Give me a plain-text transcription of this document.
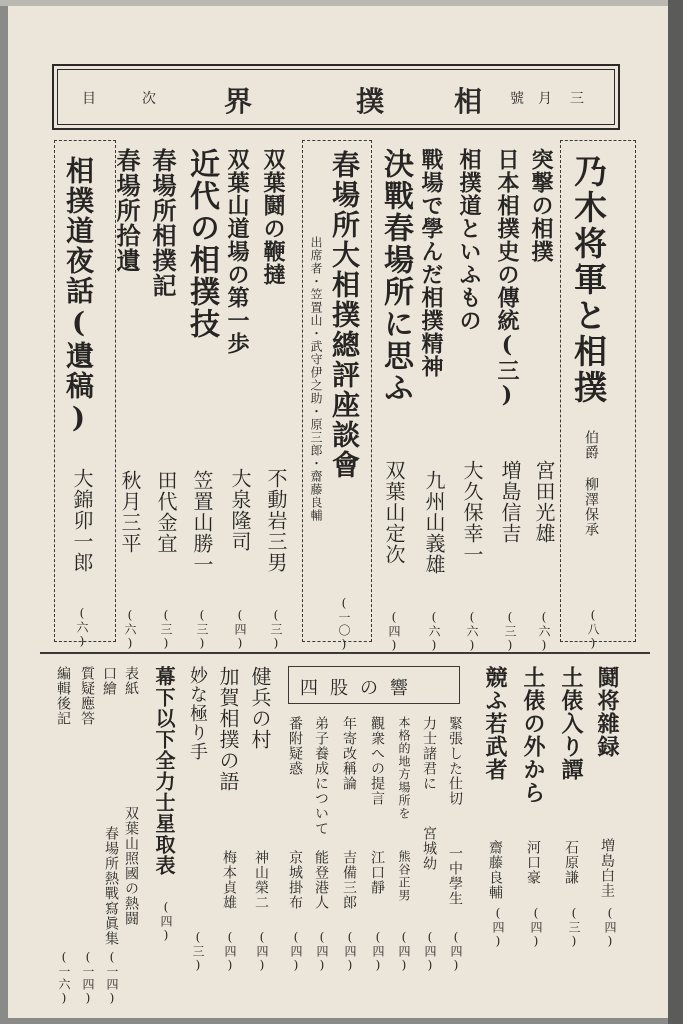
次
目	界	撲 相 號 月 三
乃木将軍と相撲
伯爵 柳澤保承
(八)
決戰春場所に思ふ
双葉山定次
(四)
戰場で學んだ相撲精神
九州山義雄
(六)
相撲道といふもの
大久保幸一
(六)
日本相撲史の傳統(三)
増島信吉
(三)
突撃の相撲
宮田光雄
(六)
春場所大相撲總評座談會
出席者・笠置山・武守伊之助・原三郎・齋藤良輔
(一〇)
双葉鬪の鞭撻
不動岩三男
(三)
双葉山道場の第一歩
大泉隆司
(四)
近代の相撲技
笠置山勝一
(三)
春場所相撲記
田代金宜
(三)
春場所拾遺
秋月三平
(六)
相撲道夜話(遺稿)
大錦卯一郎
(六)
四股の響	鬪将雜録
増島白圭
(四)
土俵入り譚
石原謙
(三)
土俵の外から
河口豪
(四)
競ふ若武者
齋藤良輔
(四)
緊張した仕切
一中學生
(四)
力士諸君に
宮城幼
(四)
本格的地方場所を
熊谷正男
(四)
觀衆への提言
江口靜
(四)
年寄改稱論
吉備三郎
(四)
弟子養成について
能登港人
(四)
番附疑惑
京城掛布
(四)
健兵の村
神山榮二
(四)
加賀相撲の語
梅本貞雄
(四)
妙な極り手
(三)
幕下以下全力士星取表
(四)
表紙
双葉山照國の熱闘
口繪
春場所熱戰寫眞集
(一四)
質疑應答
(一四)
編輯後記
(一六)
